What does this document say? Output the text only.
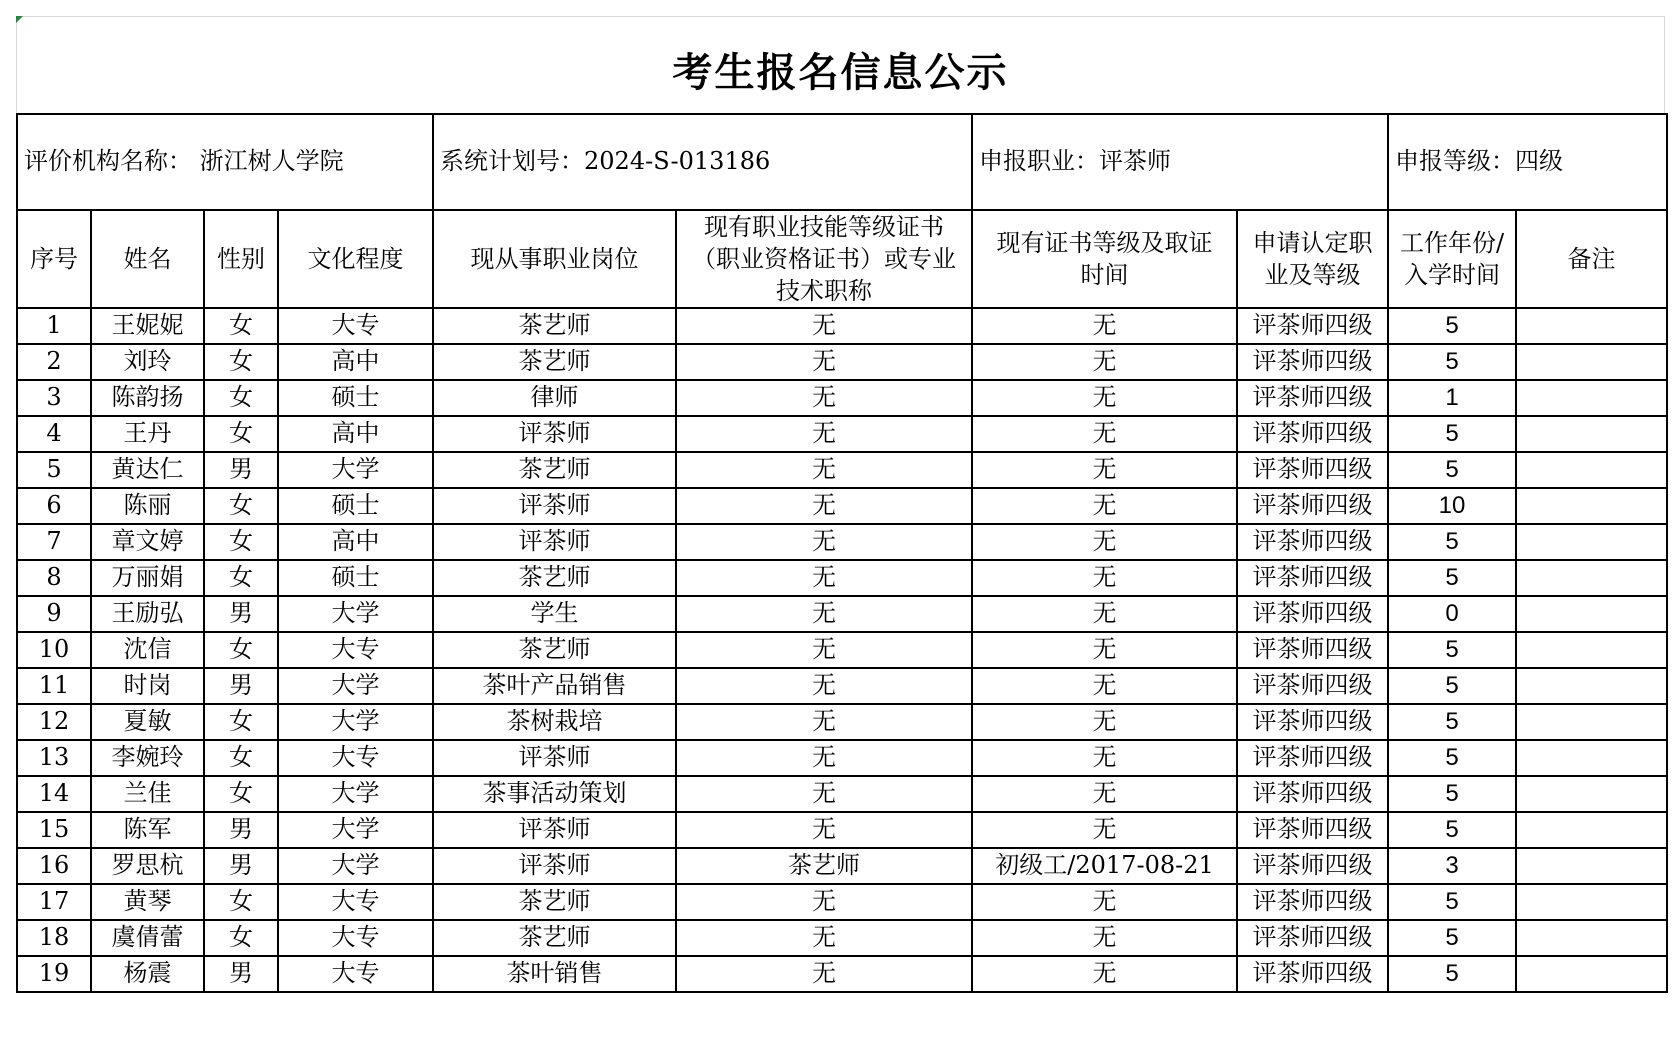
考生报名信息公示
评价机构名称： 浙江树人学院				系统计划号：2024-S-013186		申报职业：评茶师		申报等级：四级	
序号	姓名	性别	文化程度	现从事职业岗位	现有职业技能等级证书（职业资格证书）或专业技术职称	现有证书等级及取证时间	申请认定职业及等级	工作年份/入学时间	备注
1	王妮妮	女	大专	茶艺师	无	无	评茶师四级	5	
2	刘玲	女	高中	茶艺师	无	无	评茶师四级	5	
3	陈韵扬	女	硕士	律师	无	无	评茶师四级	1	
4	王丹	女	高中	评茶师	无	无	评茶师四级	5	
5	黄达仁	男	大学	茶艺师	无	无	评茶师四级	5	
6	陈丽	女	硕士	评茶师	无	无	评茶师四级	10	
7	章文婷	女	高中	评茶师	无	无	评茶师四级	5	
8	万丽娟	女	硕士	茶艺师	无	无	评茶师四级	5	
9	王励弘	男	大学	学生	无	无	评茶师四级	0	
10	沈信	女	大专	茶艺师	无	无	评茶师四级	5	
11	时岗	男	大学	茶叶产品销售	无	无	评茶师四级	5	
12	夏敏	女	大学	茶树栽培	无	无	评茶师四级	5	
13	李婉玲	女	大专	评茶师	无	无	评茶师四级	5	
14	兰佳	女	大学	茶事活动策划	无	无	评茶师四级	5	
15	陈军	男	大学	评茶师	无	无	评茶师四级	5	
16	罗思杭	男	大学	评茶师	茶艺师	初级工/2017-08-21	评茶师四级	3	
17	黄琴	女	大专	茶艺师	无	无	评茶师四级	5	
18	虞倩蕾	女	大专	茶艺师	无	无	评茶师四级	5	
19	杨震	男	大专	茶叶销售	无	无	评茶师四级	5	
